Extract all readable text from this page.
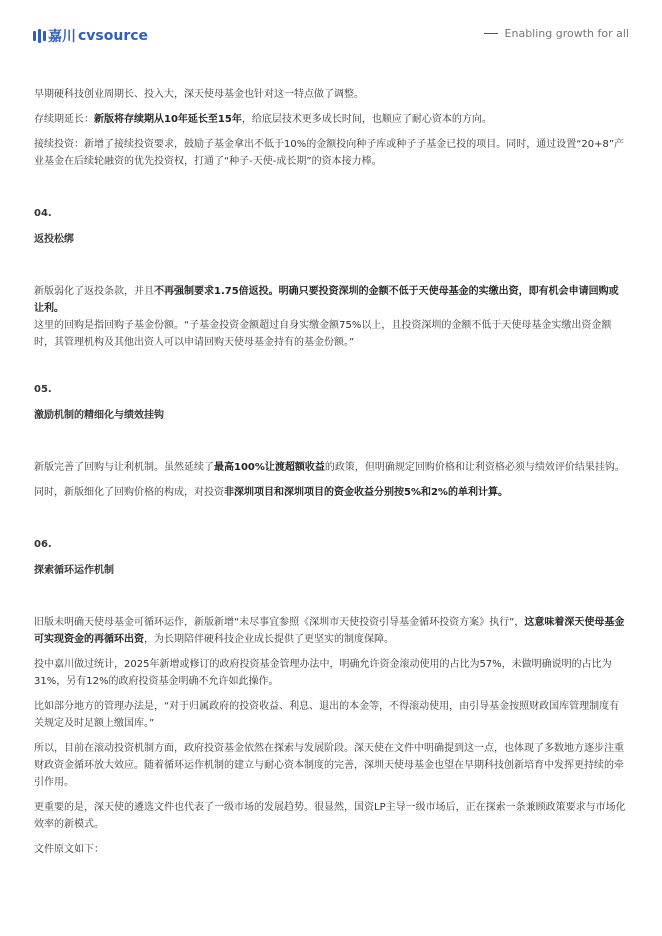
嘉川 cvsource	Enabling growth for all

早期硬科技创业周期长、投入大，深天使母基金也针对这一特点做了调整。

存续期延长：新版将存续期从10年延长至15年，给底层技术更多成长时间，也顺应了耐心资本的方向。

接续投资：新增了接续投资要求，鼓励子基金拿出不低于10%的金额投向种子库或种子子基金已投的项目。同时，通过设置“20+8”产业基金在后续轮融资的优先投资权，打通了“种子-天使-成长期”的资本接力棒。

04.
返投松绑

新版弱化了返投条款，并且不再强制要求1.75倍返投。明确只要投资深圳的金额不低于天使母基金的实缴出资，即有机会申请回购或让利。

这里的回购是指回购子基金份额。“子基金投资金额超过自身实缴金额75%以上，且投资深圳的金额不低于天使母基金实缴出资金额时，其管理机构及其他出资人可以申请回购天使母基金持有的基金份额。”

05.
激励机制的精细化与绩效挂钩

新版完善了回购与让利机制。虽然延续了最高100%让渡超额收益的政策，但明确规定回购价格和让利资格必须与绩效评价结果挂钩。

同时，新版细化了回购价格的构成，对投资非深圳项目和深圳项目的资金收益分别按5%和2%的单利计算。

06.
探索循环运作机制

旧版未明确天使母基金可循环运作，新版新增“未尽事宜参照《深圳市天使投资引导基金循环投资方案》执行”，这意味着深天使母基金可实现资金的再循环出资，为长期陪伴硬科技企业成长提供了更坚实的制度保障。

投中嘉川做过统计，2025年新增或修订的政府投资基金管理办法中，明确允许资金滚动使用的占比为57%，未做明确说明的占比为31%，另有12%的政府投资基金明确不允许如此操作。

比如部分地方的管理办法是，“对于归属政府的投资收益、利息、退出的本金等，不得滚动使用，由引导基金按照财政国库管理制度有关规定及时足额上缴国库。”

所以，目前在滚动投资机制方面，政府投资基金依然在探索与发展阶段。深天使在文件中明确提到这一点，也体现了多数地方逐步注重财政资金循环放大效应。随着循环运作机制的建立与耐心资本制度的完善，深圳天使母基金也望在早期科技创新培育中发挥更持续的牵引作用。

更重要的是，深天使的遴选文件也代表了一级市场的发展趋势。很显然，国资LP主导一级市场后，正在探索一条兼顾政策要求与市场化效率的新模式。

文件原文如下：
